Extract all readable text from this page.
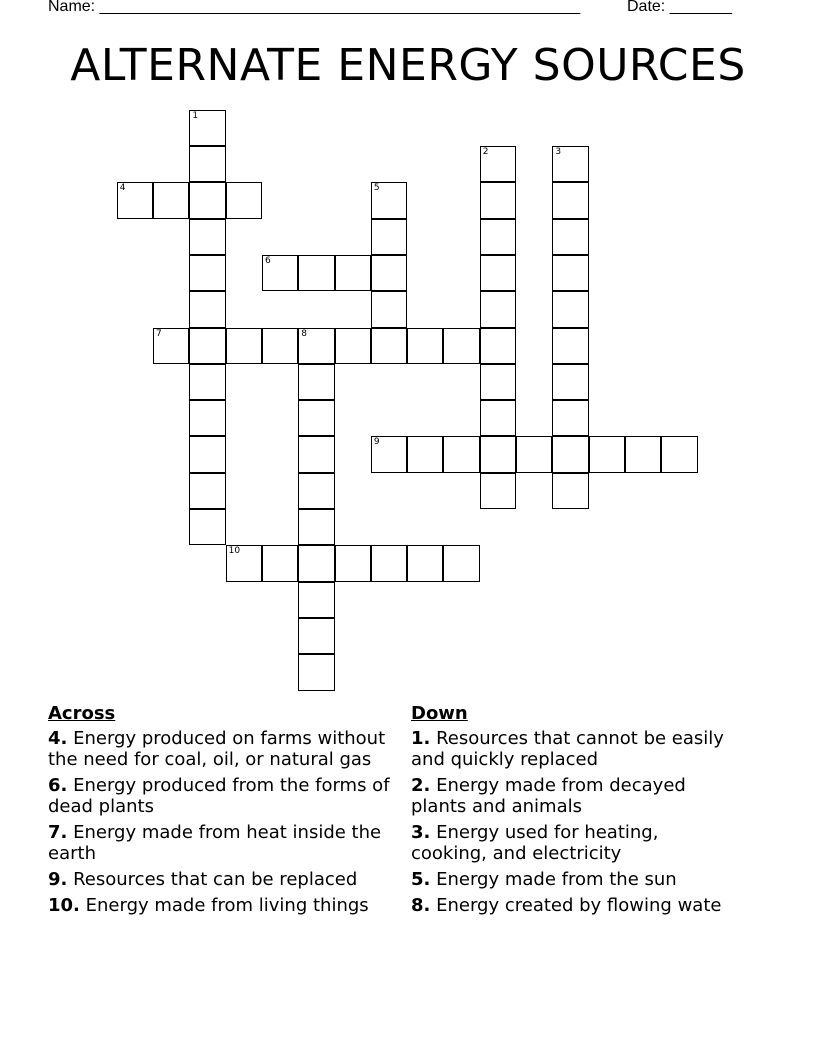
Name: ______________________________________________________	Date: _______
ALTERNATE ENERGY SOURCES
4
6
7	8
9
10
1
2	3
5
Across
4. Energy produced on farms without the need for coal, oil, or natural gas
6. Energy produced from the forms of dead plants
7. Energy made from heat inside the earth
9. Resources that can be replaced
10. Energy made from living things
Down
1. Resources that cannot be easily and quickly replaced
2. Energy made from decayed plants and animals
3. Energy used for heating, cooking, and electricity
5. Energy made from the sun
8. Energy created by flowing wate
